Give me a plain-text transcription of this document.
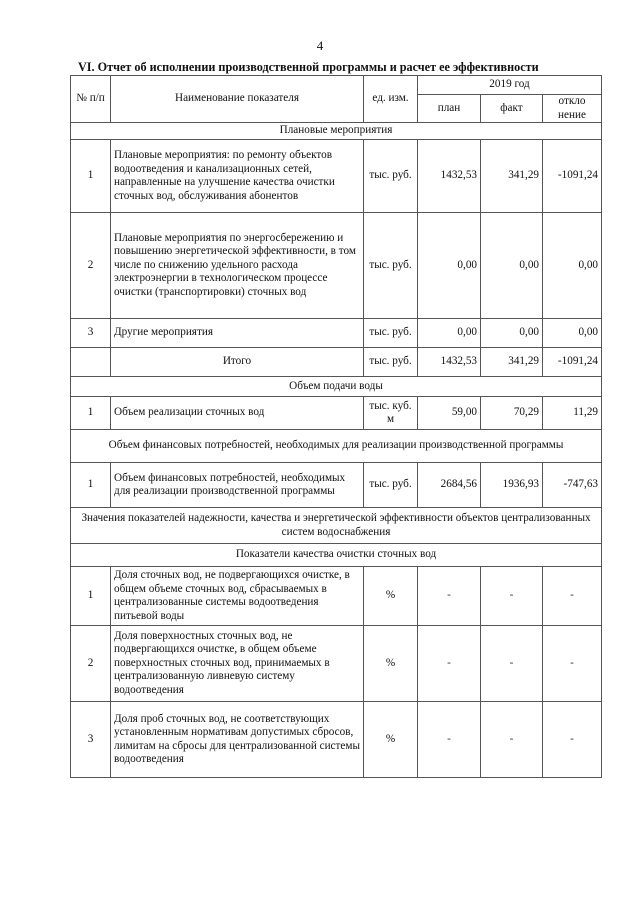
4
VI. Отчет об исполнении производственной программы и расчет ее эффективности
№ п/п	Наименование показателя	ед. изм.	2019 год		
			план	факт	откло нение
Плановые мероприятия					
1	Плановые мероприятия: по ремонту объектов водоотведения и канализационных сетей, направленные на улучшение качества очистки сточных вод, обслуживания абонентов	тыс. руб.	1432,53	341,29	-1091,24
2	Плановые мероприятия по энергосбережению и повышению энергетической эффективности, в том числе по снижению удельного расхода электроэнергии в технологическом процессе очистки (транспортировки) сточных вод	тыс. руб.	0,00	0,00	0,00
3	Другие мероприятия	тыс. руб.	0,00	0,00	0,00
	Итого	тыс. руб.	1432,53	341,29	-1091,24
Объем подачи воды					
1	Объем реализации сточных вод	тыс. куб. м	59,00	70,29	11,29
Объем финансовых потребностей, необходимых для реализации производственной программы					
1	Объем финансовых потребностей, необходимых для реализации производственной программы	тыс. руб.	2684,56	1936,93	-747,63
Значения показателей надежности, качества и энергетической эффективности объектов централизованных систем водоснабжения					
Показатели качества очистки сточных вод					
1	Доля сточных вод, не подвергающихся очистке, в общем объеме сточных вод, сбрасываемых в централизованные системы водоотведения питьевой воды	%	-	-	-
2	Доля поверхностных сточных вод, не подвергающихся очистке, в общем объеме поверхностных сточных вод, принимаемых в централизованную ливневую систему водоотведения	%	-	-	-
3	Доля проб сточных вод, не соответствующих установленным нормативам допустимых сбросов, лимитам на сбросы для централизованной системы водоотведения	%	-	-	-
